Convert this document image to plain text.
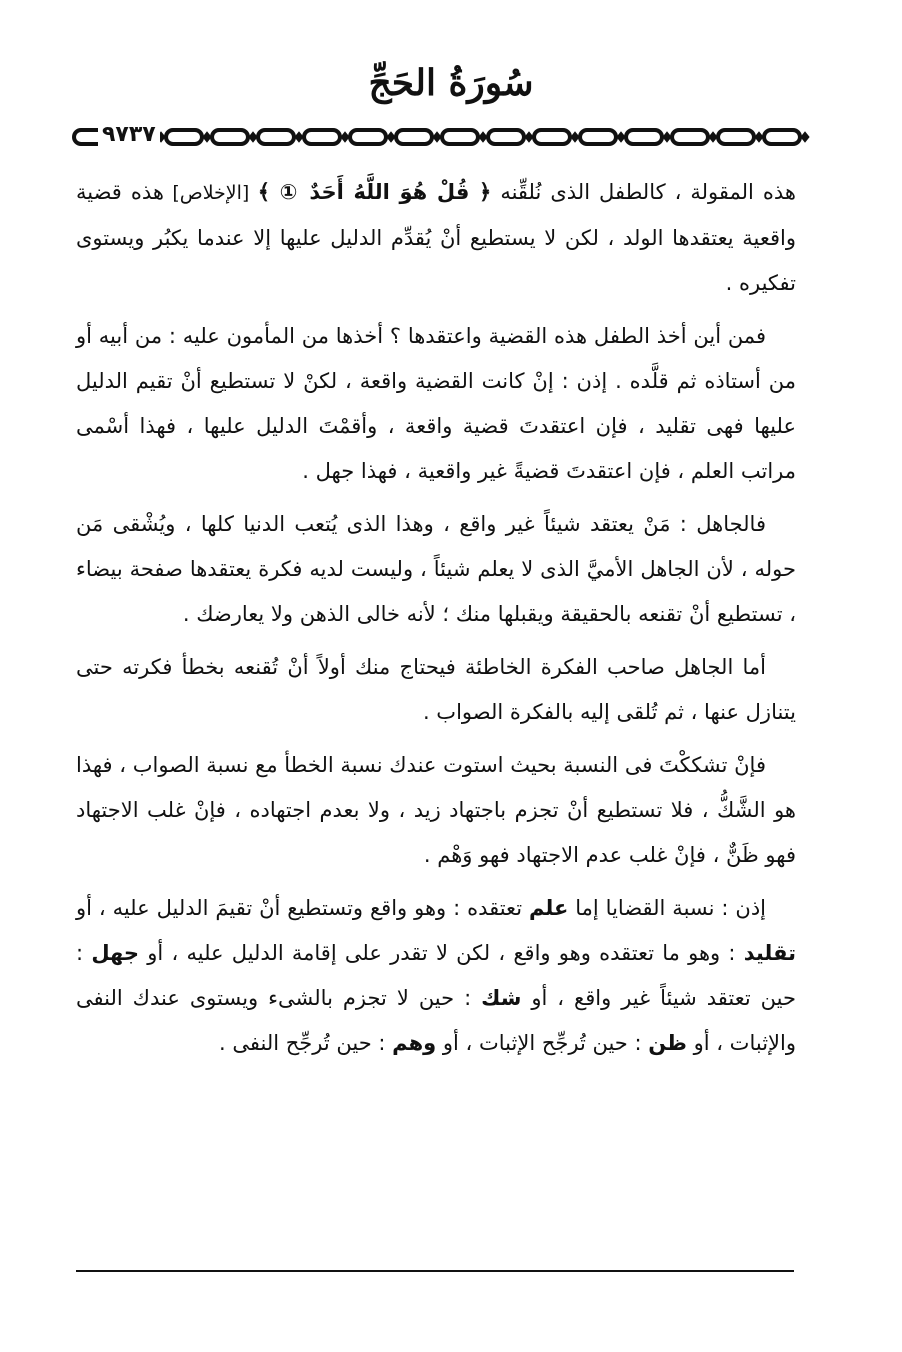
سُورَةُ الحَجِّ
٩٧٣٧

هذه المقولة ، كالطفل الذى نُلقِّنه ﴿ قُلْ هُوَ اللَّهُ أَحَدٌ ① ﴾ [الإخلاص] هذه قضية واقعية يعتقدها الولد ، لكن لا يستطيع أنْ يُقدِّم الدليل عليها إلا عندما يكبُر ويستوى تفكيره .

فمن أين أخذ الطفل هذه القضية واعتقدها ؟ أخذها من المأمون عليه : من أبيه أو من أستاذه ثم قلَّده . إذن : إنْ كانت القضية واقعة ، لكنْ لا تستطيع أنْ تقيم الدليل عليها فهى تقليد ، فإن اعتقدتَ قضية واقعة ، وأقمْتَ الدليل عليها ، فهذا أسْمى مراتب العلم ، فإن اعتقدتَ قضيةً غير واقعية ، فهذا جهل .

فالجاهل : مَنْ يعتقد شيئاً غير واقع ، وهذا الذى يُتعب الدنيا كلها ، ويُشْقى مَن حوله ، لأن الجاهل الأميَّ الذى لا يعلم شيئاً ، وليست لديه فكرة يعتقدها صفحة بيضاء ، تستطيع أنْ تقنعه بالحقيقة ويقبلها منك ؛ لأنه خالى الذهن ولا يعارضك .

أما الجاهل صاحب الفكرة الخاطئة فيحتاج منك أولاً أنْ تُقنعه بخطأ فكرته حتى يتنازل عنها ، ثم تُلقى إليه بالفكرة الصواب .

فإنْ تشككْتَ فى النسبة بحيث استوت عندك نسبة الخطأ مع نسبة الصواب ، فهذا هو الشَّكُّ ، فلا تستطيع أنْ تجزم باجتهاد زيد ، ولا بعدم اجتهاده ، فإنْ غلب الاجتهاد فهو ظَنٌّ ، فإنْ غلب عدم الاجتهاد فهو وَهْم .

إذن : نسبة القضايا إما علم تعتقده : وهو واقع وتستطيع أنْ تقيمَ الدليل عليه ، أو تقليد : وهو ما تعتقده وهو واقع ، لكن لا تقدر على إقامة الدليل عليه ، أو جهل : حين تعتقد شيئاً غير واقع ، أو شك : حين لا تجزم بالشىء ويستوى عندك النفى والإثبات ، أو ظن : حين تُرجِّح الإثبات ، أو وهم : حين تُرجِّح النفى .
